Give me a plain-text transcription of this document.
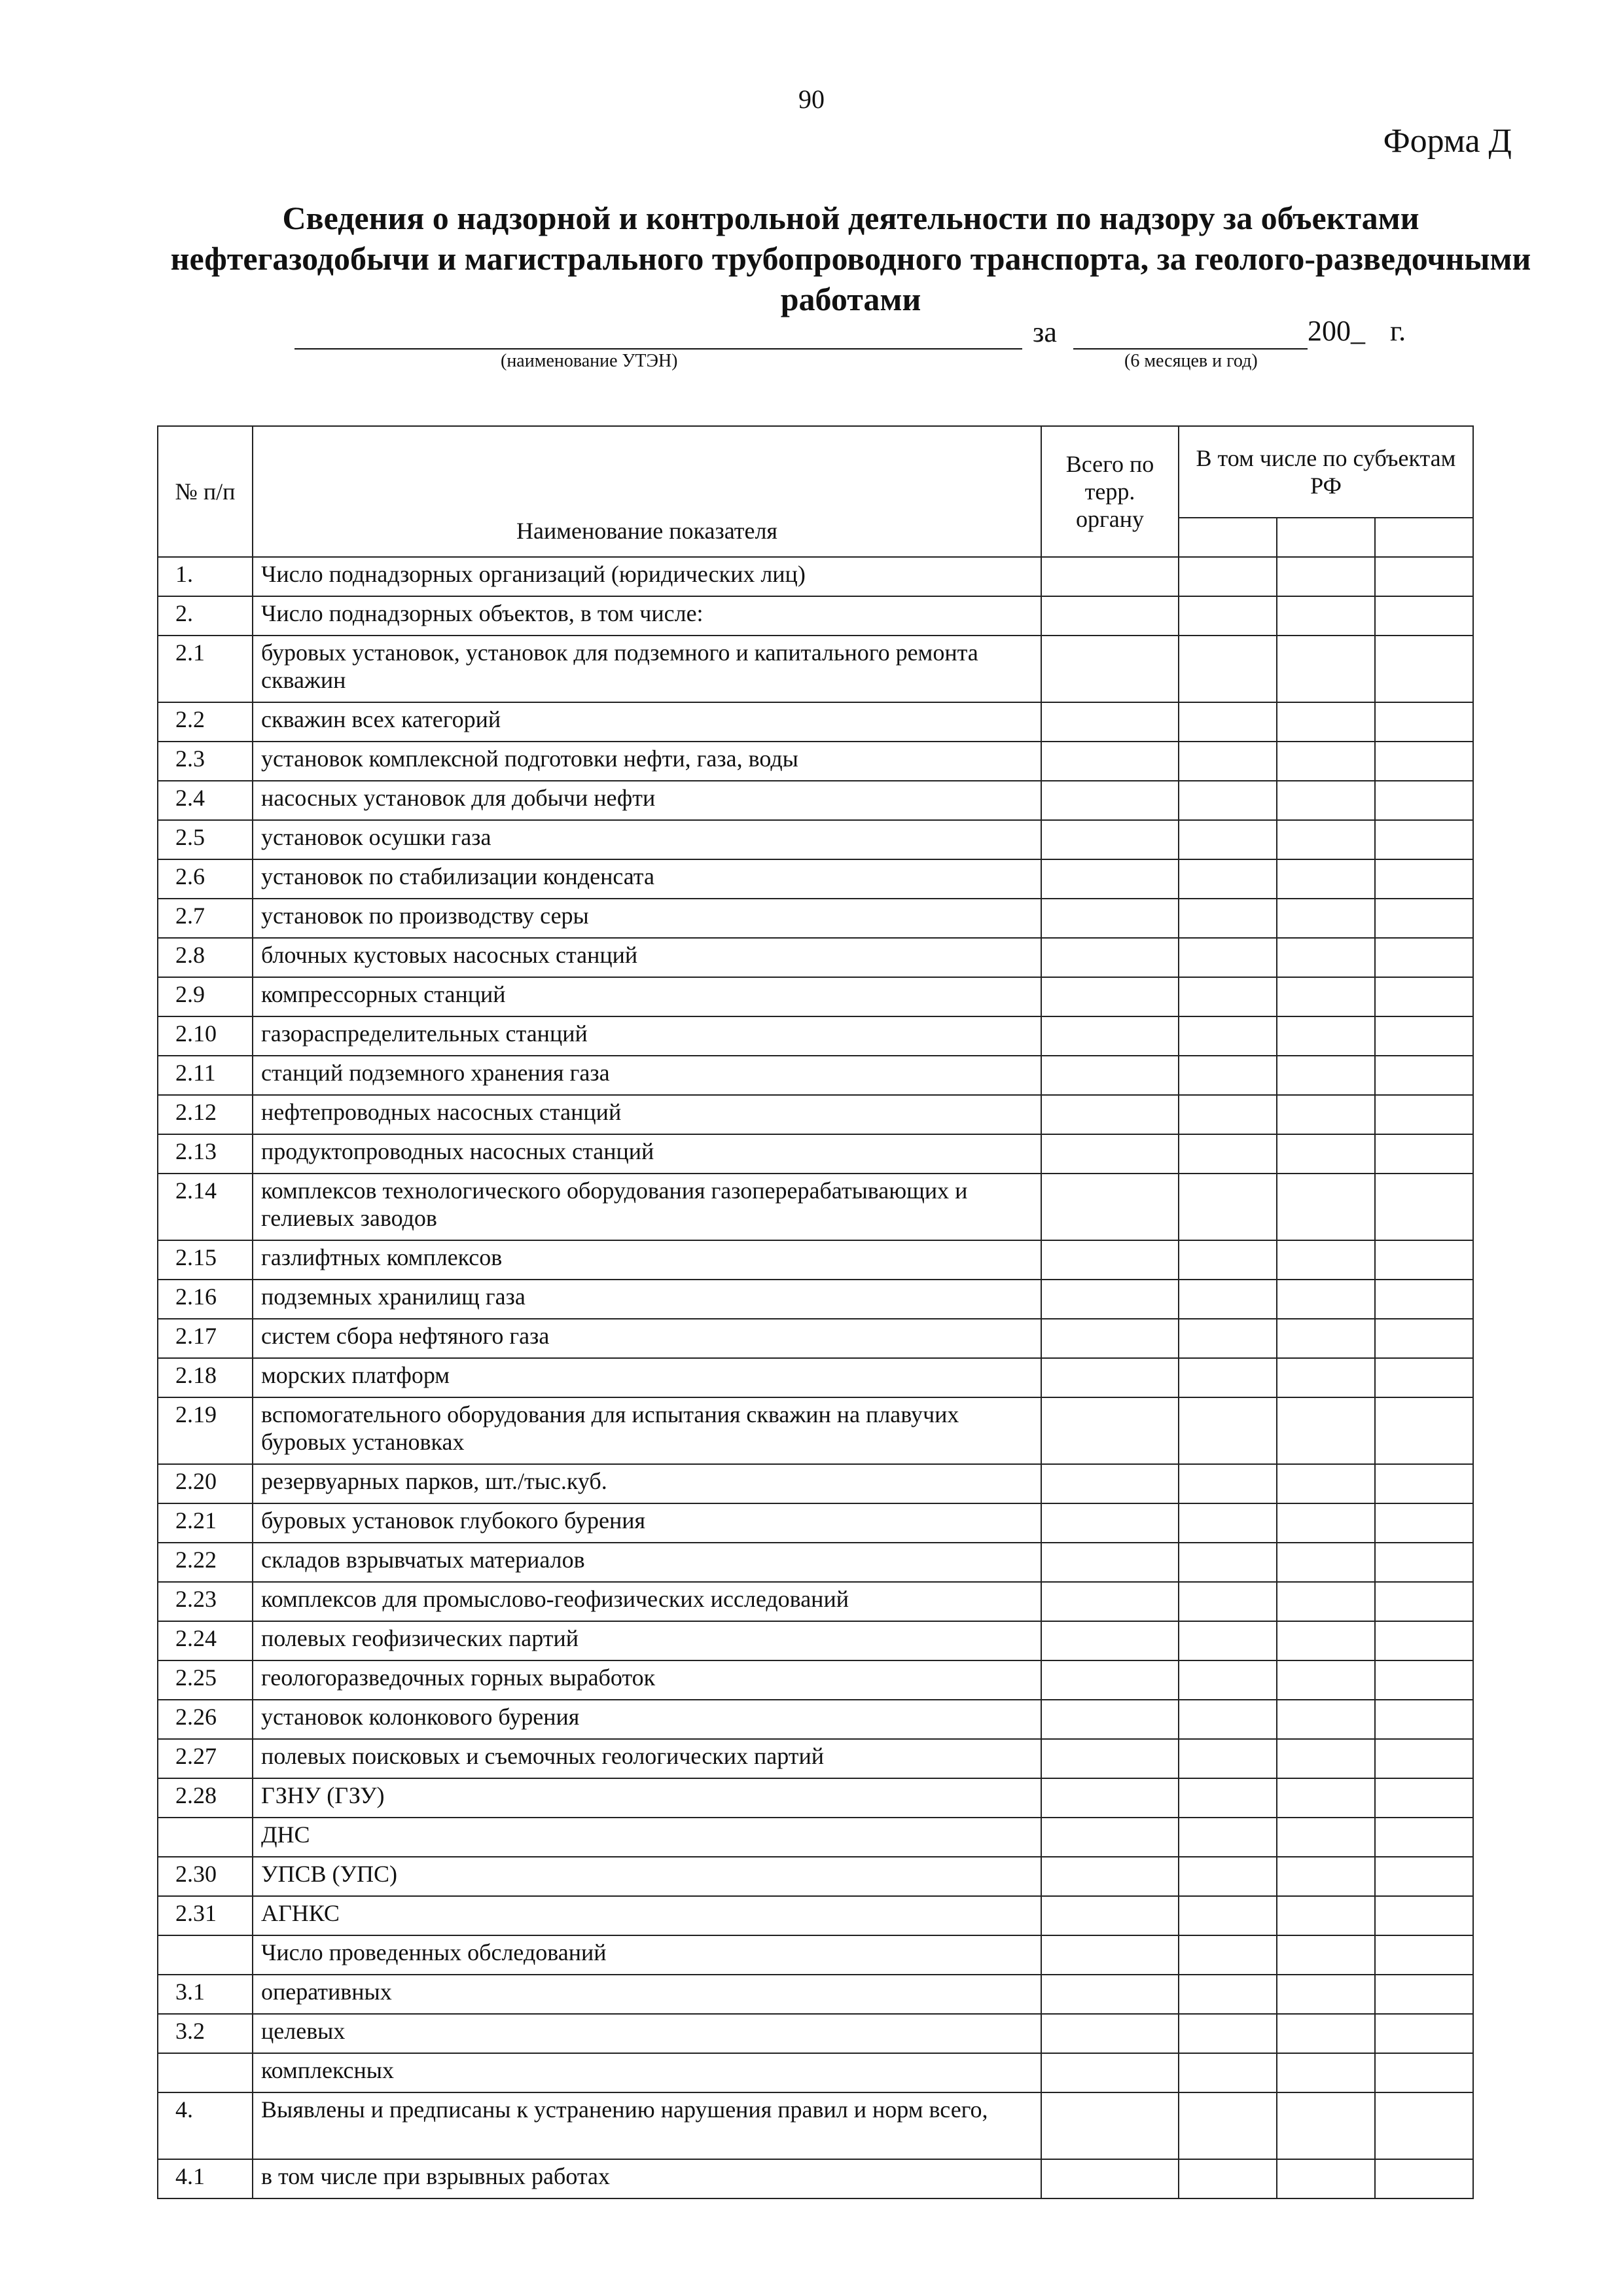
90
Форма Д
Сведения о надзорной и контрольной деятельности по надзору за объектами
нефтегазодобычи и магистрального трубопроводного транспорта, за геолого-разведочными
работами
(наименование УТЭН)
за	200_ г.
(6 месяцев и год)
№ п/п	Наименование показателя	Всего по терр. органу	В том числе по субъектам РФ		

1.	Число поднадзорных организаций (юридических лиц)				
2.	Число поднадзорных объектов, в том числе:				
2.1	буровых установок, установок для подземного и капитального ремонта скважин				
2.2	скважин всех категорий				
2.3	установок комплексной подготовки нефти, газа, воды				
2.4	насосных установок для добычи нефти				
2.5	установок осушки газа				
2.6	установок по стабилизации конденсата				
2.7	установок по производству серы				
2.8	блочных кустовых насосных станций				
2.9	компрессорных станций				
2.10	газораспределительных станций				
2.11	станций подземного хранения газа				
2.12	нефтепроводных насосных станций				
2.13	продуктопроводных насосных станций				
2.14	комплексов технологического оборудования газоперерабатывающих и гелиевых заводов				
2.15	газлифтных комплексов				
2.16	подземных хранилищ газа				
2.17	систем сбора нефтяного газа				
2.18	морских платформ				
2.19	вспомогательного оборудования для испытания скважин на плавучих буровых установках				
2.20	резервуарных парков, шт./тыс.куб.				
2.21	буровых установок глубокого бурения				
2.22	складов взрывчатых материалов				
2.23	комплексов для промыслово-геофизических исследований				
2.24	полевых геофизических партий				
2.25	геологоразведочных горных выработок				
2.26	установок колонкового бурения				
2.27	полевых поисковых и съемочных геологических партий				
2.28	ГЗНУ (ГЗУ)				
	ДНС				
2.30	УПСВ (УПС)				
2.31	АГНКС				
	Число проведенных обследований				
3.1	оперативных				
3.2	целевых				
	комплексных				
4.	Выявлены и предписаны к устранению нарушения правил и норм всего,				
4.1	в том числе при взрывных работах				
